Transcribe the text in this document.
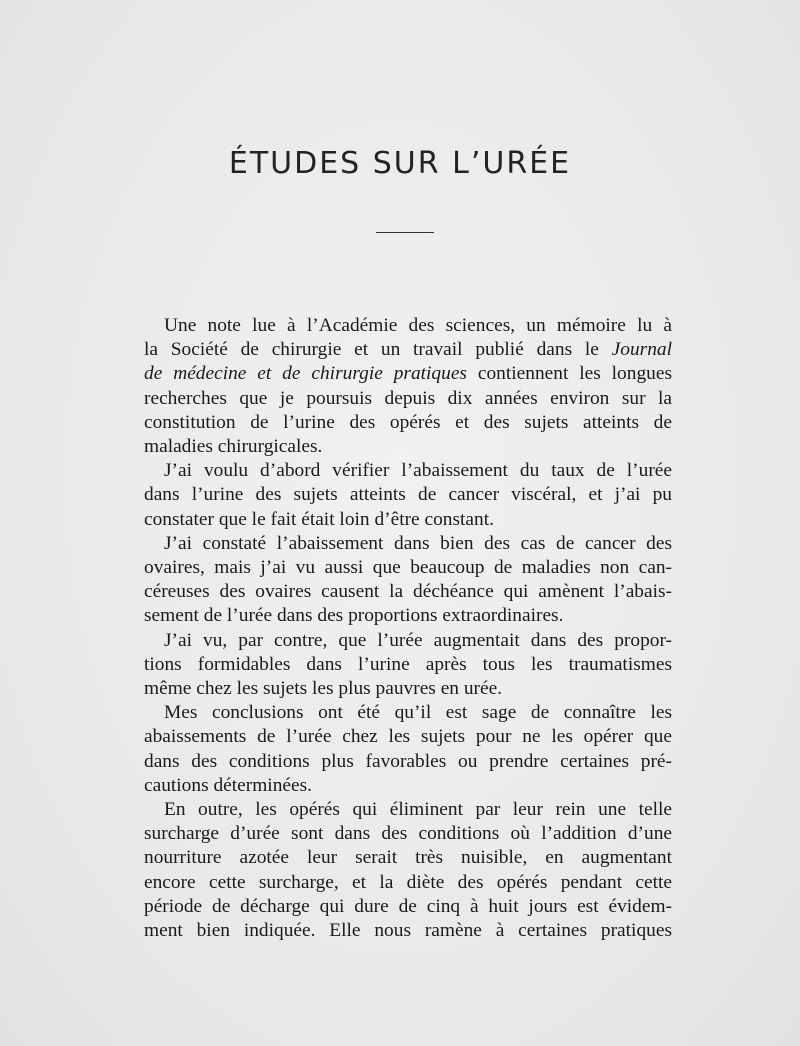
ÉTUDES SUR L’URÉE
Une note lue à l’Académie des sciences, un mémoire lu à
la Société de chirurgie et un travail publié dans le Journal
de médecine et de chirurgie pratiques contiennent les longues
recherches que je poursuis depuis dix années environ sur la
constitution de l’urine des opérés et des sujets atteints de
maladies chirurgicales.
J’ai voulu d’abord vérifier l’abaissement du taux de l’urée
dans l’urine des sujets atteints de cancer viscéral, et j’ai pu
constater que le fait était loin d’être constant.
J’ai constaté l’abaissement dans bien des cas de cancer des
ovaires, mais j’ai vu aussi que beaucoup de maladies non can-
céreuses des ovaires causent la déchéance qui amènent l’abais-
sement de l’urée dans des proportions extraordinaires.
J’ai vu, par contre, que l’urée augmentait dans des propor-
tions formidables dans l’urine après tous les traumatismes
même chez les sujets les plus pauvres en urée.
Mes conclusions ont été qu’il est sage de connaître les
abaissements de l’urée chez les sujets pour ne les opérer que
dans des conditions plus favorables ou prendre certaines pré-
cautions déterminées.
En outre, les opérés qui éliminent par leur rein une telle
surcharge d’urée sont dans des conditions où l’addition d’une
nourriture azotée leur serait très nuisible, en augmentant
encore cette surcharge, et la diète des opérés pendant cette
période de décharge qui dure de cinq à huit jours est évidem-
ment bien indiquée. Elle nous ramène à certaines pratiques
